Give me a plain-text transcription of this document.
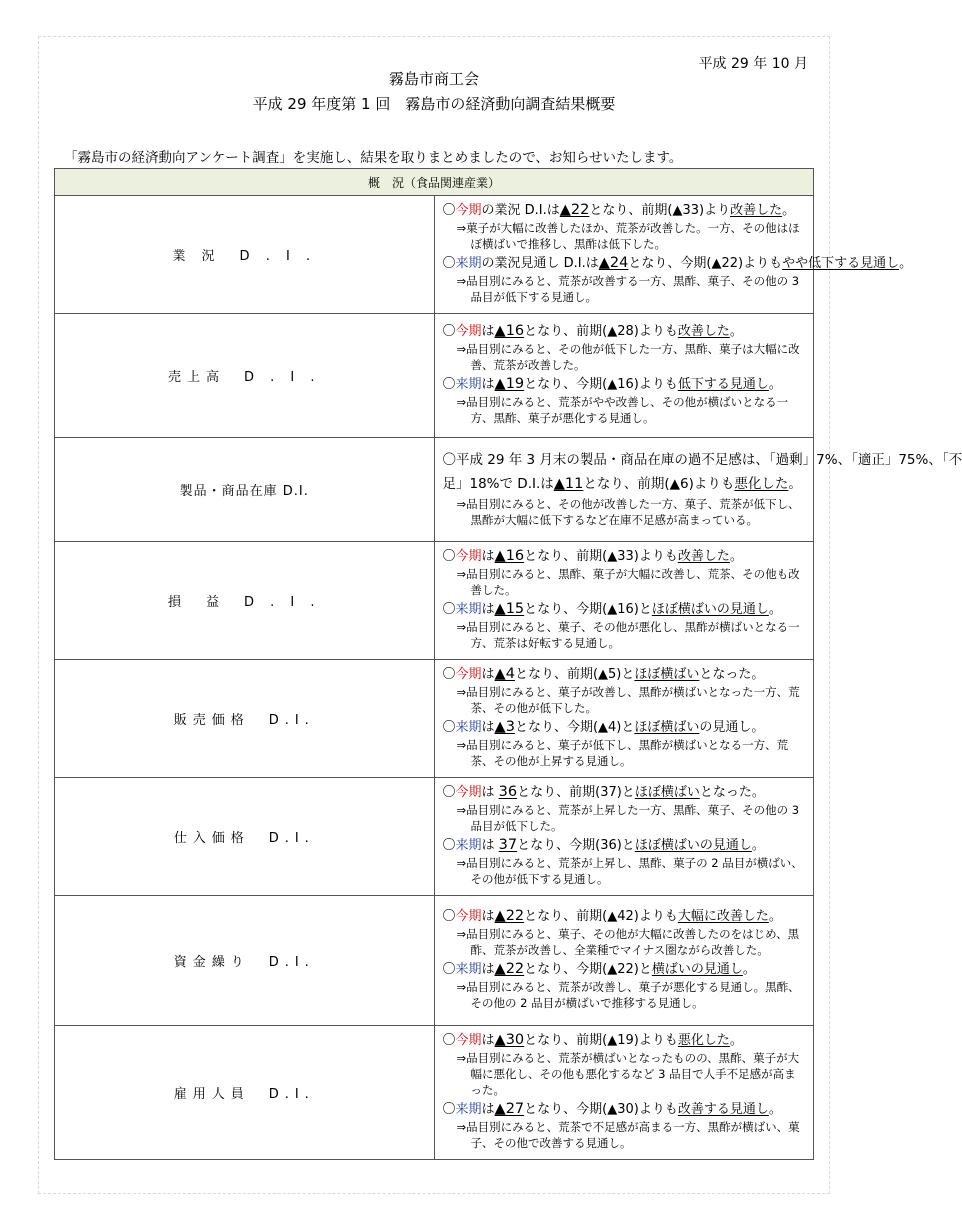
平成 29 年 10 月
霧島市商工会
平成 29 年度第 1 回　霧島市の経済動向調査結果概要
「霧島市の経済動向アンケート調査」を実施し、結果を取りまとめましたので、お知らせいたします。
概　況（食品関連産業）	
業 況　D . I .	〇今期の業況 D.I.は▲22となり、前期(▲33)より改善した。
⇒菓子が大幅に改善したほか、荒茶が改善した。一方、その他はほぼ横ばいで推移し、黒酢は低下した。
〇来期の業況見通し D.I.は▲24となり、今期(▲22)よりもやや低下する見通し。
⇒品目別にみると、荒茶が改善する一方、黒酢、菓子、その他の 3 品目が低下する見通し。

売上高　D . I .	〇今期は▲16となり、前期(▲28)よりも改善した。
⇒品目別にみると、その他が低下した一方、黒酢、菓子は大幅に改善、荒茶が改善した。
〇来期は▲19となり、今期(▲16)よりも低下する見通し。
⇒品目別にみると、荒茶がやや改善し、その他が横ばいとなる一方、黒酢、菓子が悪化する見通し。

製品・商品在庫 D.I.	〇平成 29 年 3 月末の製品・商品在庫の過不足感は、「過剰」7%、「適正」75%、「不
足」18%で D.I.は▲11となり、前期(▲6)よりも悪化した。
⇒品目別にみると、その他が改善した一方、菓子、荒茶が低下し、黒酢が大幅に低下するなど在庫不足感が高まっている。

損　益　D . I .	〇今期は▲16となり、前期(▲33)よりも改善した。
⇒品目別にみると、黒酢、菓子が大幅に改善し、荒茶、その他も改善した。
〇来期は▲15となり、今期(▲16)とほぼ横ばいの見通し。
⇒品目別にみると、菓子、その他が悪化し、黒酢が横ばいとなる一方、荒茶は好転する見通し。

販売価格　D.I.	〇今期は▲4となり、前期(▲5)とほぼ横ばいとなった。
⇒品目別にみると、菓子が改善し、黒酢が横ばいとなった一方、荒茶、その他が低下した。
〇来期は▲3となり、今期(▲4)とほぼ横ばいの見通し。
⇒品目別にみると、菓子が低下し、黒酢が横ばいとなる一方、荒茶、その他が上昇する見通し。

仕入価格　D.I.	〇今期は 36となり、前期(37)とほぼ横ばいとなった。
⇒品目別にみると、荒茶が上昇した一方、黒酢、菓子、その他の 3 品目が低下した。
〇来期は 37となり、今期(36)とほぼ横ばいの見通し。
⇒品目別にみると、荒茶が上昇し、黒酢、菓子の 2 品目が横ばい、その他が低下する見通し。

資金繰り　D.I.	〇今期は▲22となり、前期(▲42)よりも大幅に改善した。
⇒品目別にみると、菓子、その他が大幅に改善したのをはじめ、黒酢、荒茶が改善し、全業種でマイナス圏ながら改善した。
〇来期は▲22となり、今期(▲22)と横ばいの見通し。
⇒品目別にみると、荒茶が改善し、菓子が悪化する見通し。黒酢、その他の 2 品目が横ばいで推移する見通し。

雇用人員　D.I.	〇今期は▲30となり、前期(▲19)よりも悪化した。
⇒品目別にみると、荒茶が横ばいとなったものの、黒酢、菓子が大幅に悪化し、その他も悪化するなど 3 品目で人手不足感が高まった。
〇来期は▲27となり、今期(▲30)よりも改善する見通し。
⇒品目別にみると、荒茶で不足感が高まる一方、黒酢が横ばい、菓子、その他で改善する見通し。
